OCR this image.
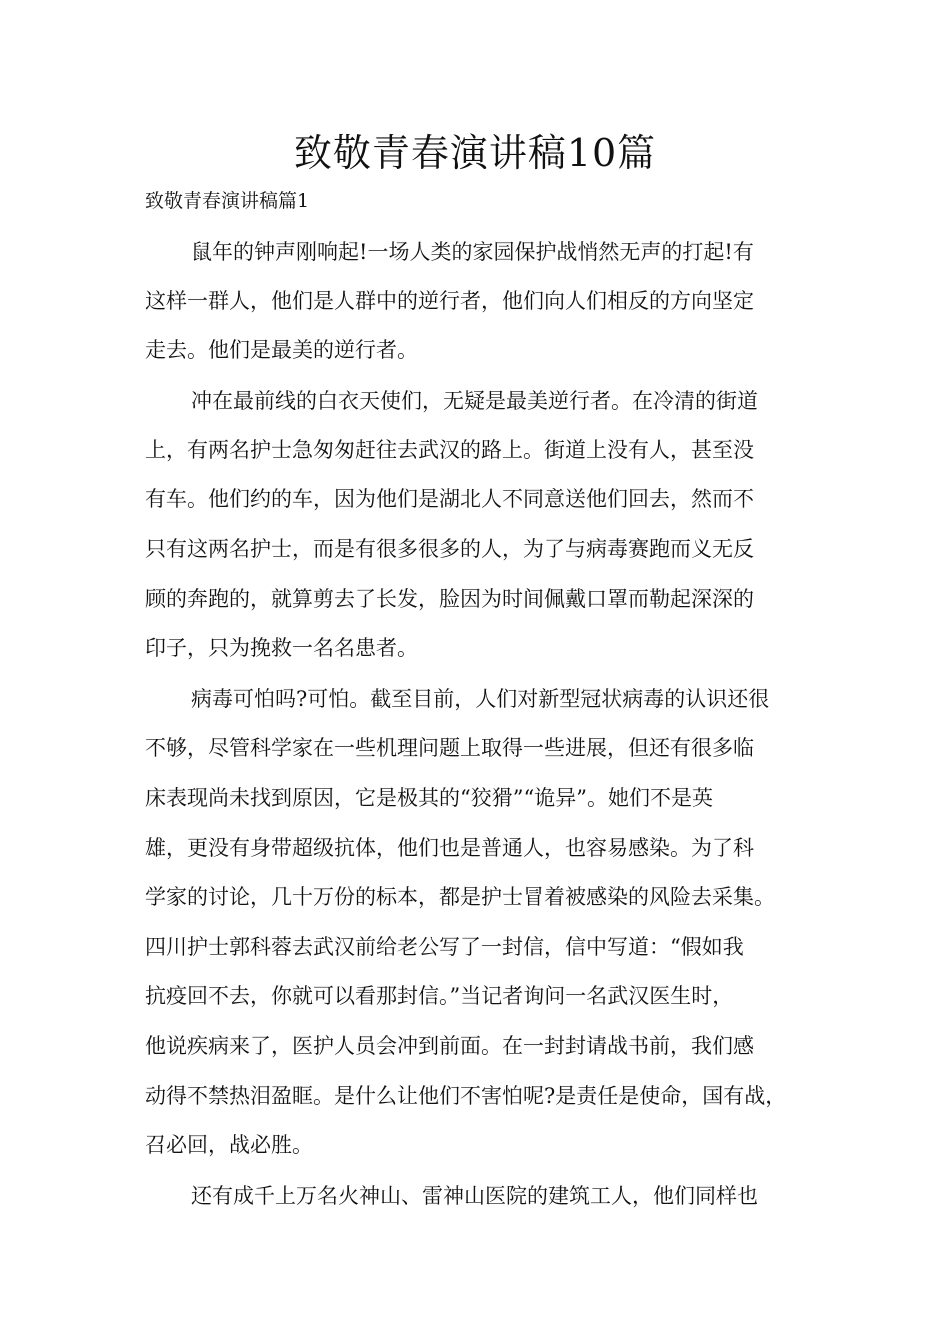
致敬青春演讲稿10篇

致敬青春演讲稿篇1

鼠年的钟声刚响起!一场人类的家园保护战悄然无声的打起!有

这样一群人，他们是人群中的逆行者，他们向人们相反的方向坚定

走去。他们是最美的逆行者。

冲在最前线的白衣天使们，无疑是最美逆行者。在冷清的街道

上，有两名护士急匆匆赶往去武汉的路上。街道上没有人，甚至没

有车。他们约的车，因为他们是湖北人不同意送他们回去，然而不

只有这两名护士，而是有很多很多的人，为了与病毒赛跑而义无反

顾的奔跑的，就算剪去了长发，脸因为时间佩戴口罩而勒起深深的

印子，只为挽救一名名患者。

病毒可怕吗?可怕。截至目前，人们对新型冠状病毒的认识还很

不够，尽管科学家在一些机理问题上取得一些进展，但还有很多临

床表现尚未找到原因，它是极其的“狡猾”“诡异”。她们不是英

雄，更没有身带超级抗体，他们也是普通人，也容易感染。为了科

学家的讨论，几十万份的标本，都是护士冒着被感染的风险去采集。

四川护士郭科蓉去武汉前给老公写了一封信，信中写道：“假如我

抗疫回不去，你就可以看那封信。”当记者询问一名武汉医生时，

他说疾病来了，医护人员会冲到前面。在一封封请战书前，我们感

动得不禁热泪盈眶。是什么让他们不害怕呢?是责任是使命，国有战，

召必回，战必胜。

还有成千上万名火神山、雷神山医院的建筑工人，他们同样也
